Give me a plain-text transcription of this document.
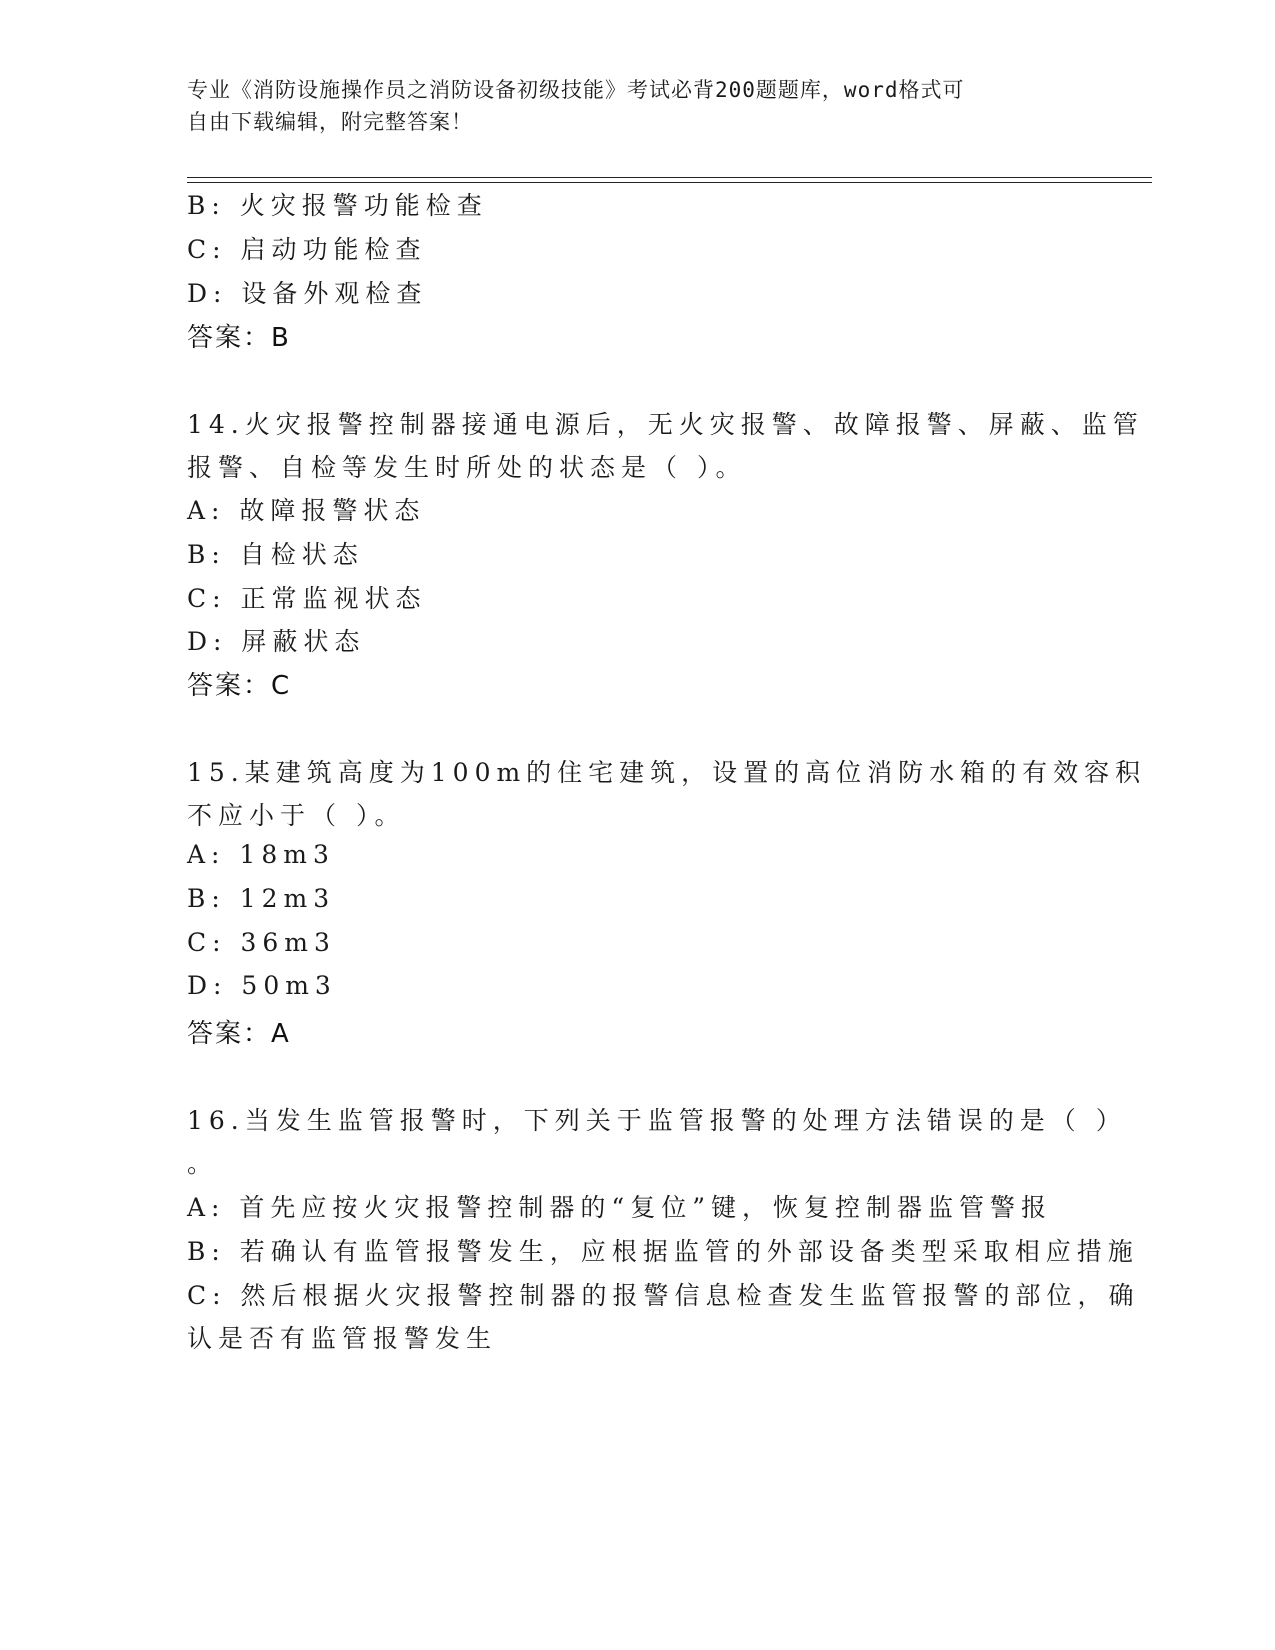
专业《消防设施操作员之消防设备初级技能》考试必背200题题库，word格式可
自由下载编辑，附完整答案！
B: 火灾报警功能检查
C: 启动功能检查
D: 设备外观检查
答案：B
14.火灾报警控制器接通电源后，无火灾报警、故障报警、屏蔽、监管
报警、自检等发生时所处的状态是（ ）。
A: 故障报警状态
B: 自检状态
C: 正常监视状态
D: 屏蔽状态
答案：C
15.某建筑高度为100m的住宅建筑，设置的高位消防水箱的有效容积
不应小于（ ）。
A: 18m3
B: 12m3
C: 36m3
D: 50m3
答案：A
16.当发生监管报警时，下列关于监管报警的处理方法错误的是（ ）
。
A: 首先应按火灾报警控制器的“复位”键，恢复控制器监管警报
B: 若确认有监管报警发生，应根据监管的外部设备类型采取相应措施
C: 然后根据火灾报警控制器的报警信息检查发生监管报警的部位，确
认是否有监管报警发生
